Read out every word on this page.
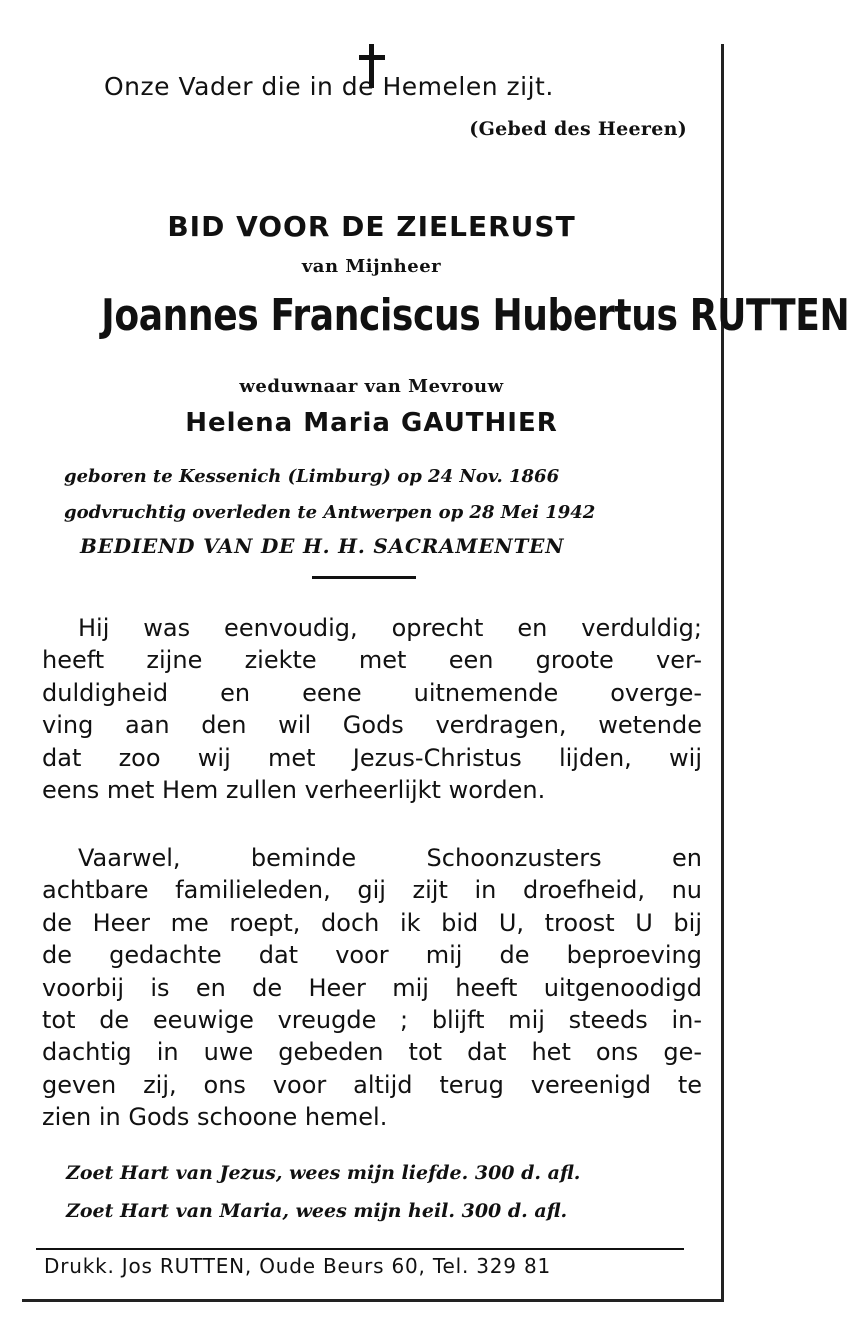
Onze Vader die in de Hemelen zijt.
(Gebed des Heeren)
BID VOOR DE ZIELERUST
van Mijnheer
Joannes Franciscus Hubertus RUTTEN
weduwnaar van Mevrouw
Helena Maria GAUTHIER
geboren te Kessenich (Limburg) op 24 Nov. 1866
godvruchtig overleden te Antwerpen op 28 Mei 1942
BEDIEND VAN DE H. H. SACRAMENTEN
Hij was eenvoudig, oprecht en verduldig;
heeft zijne ziekte met een groote ver-
duldigheid en eene uitnemende overge-
ving aan den wil Gods verdragen, wetende
dat zoo wij met Jezus-Christus lijden, wij
eens met Hem zullen verheerlijkt worden.
Vaarwel, beminde Schoonzusters en
achtbare familieleden, gij zijt in droefheid, nu
de Heer me roept, doch ik bid U, troost U bij
de gedachte dat voor mij de beproeving
voorbij is en de Heer mij heeft uitgenoodigd
tot de eeuwige vreugde ; blijft mij steeds in-
dachtig in uwe gebeden tot dat het ons ge-
geven zij, ons voor altijd terug vereenigd te
zien in Gods schoone hemel.
Zoet Hart van Jezus, wees mijn liefde. 300 d. afl.
Zoet Hart van Maria, wees mijn heil. 300 d. afl.
Drukk. Jos RUTTEN, Oude Beurs 60, Tel. 329 81
